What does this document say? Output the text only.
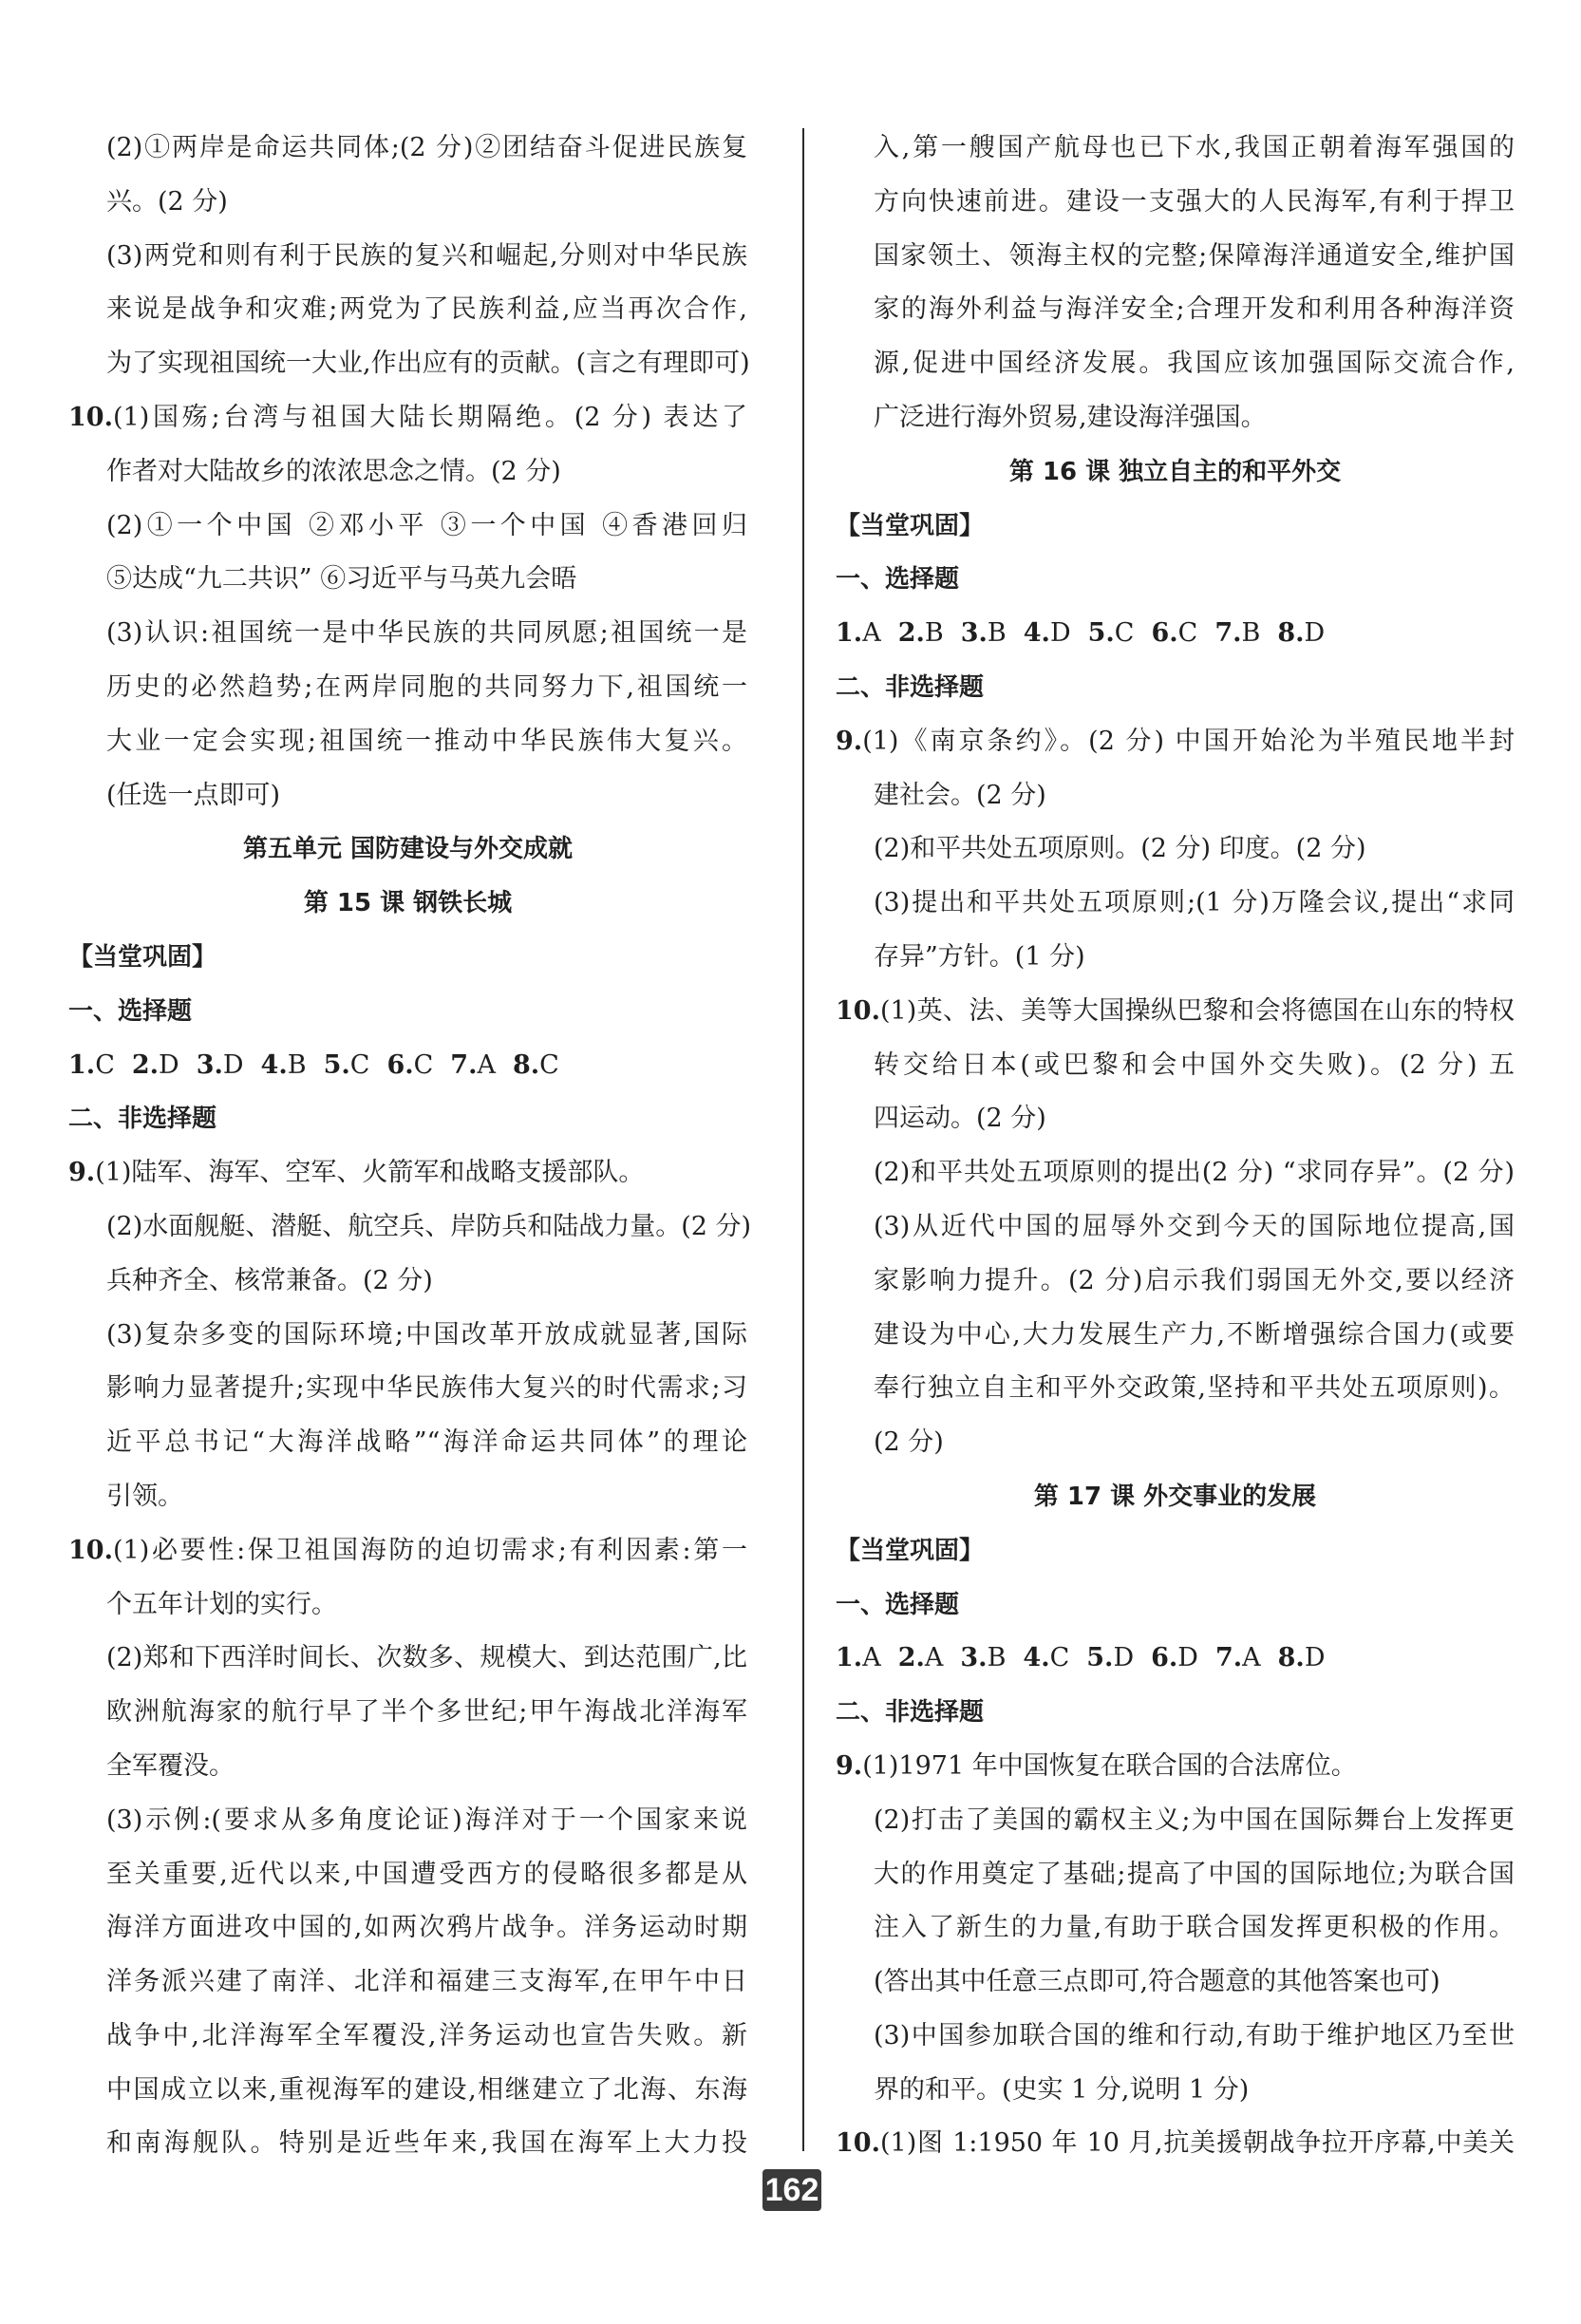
(2)①两岸是命运共同体;(2 分)②团结奋斗促进民族复
兴。(2 分)
(3)两党和则有利于民族的复兴和崛起,分则对中华民族
来说是战争和灾难;两党为了民族利益,应当再次合作,
为了实现祖国统一大业,作出应有的贡献。(言之有理即可)
10.(1)国殇;台湾与祖国大陆长期隔绝。(2 分) 表达了
作者对大陆故乡的浓浓思念之情。(2 分)
(2)①一个中国 ②邓小平 ③一个中国 ④香港回归
⑤达成“九二共识” ⑥习近平与马英九会晤
(3)认识:祖国统一是中华民族的共同夙愿;祖国统一是
历史的必然趋势;在两岸同胞的共同努力下,祖国统一
大业一定会实现;祖国统一推动中华民族伟大复兴。
(任选一点即可)
第五单元 国防建设与外交成就
第 15 课 钢铁长城
【当堂巩固】
一、选择题
1.C 2.D 3.D 4.B 5.C 6.C 7.A 8.C
二、非选择题
9.(1)陆军、海军、空军、火箭军和战略支援部队。
(2)水面舰艇、潜艇、航空兵、岸防兵和陆战力量。(2 分)
兵种齐全、核常兼备。(2 分)
(3)复杂多变的国际环境;中国改革开放成就显著,国际
影响力显著提升;实现中华民族伟大复兴的时代需求;习
近平总书记“大海洋战略”“海洋命运共同体”的理论
引领。
10.(1)必要性:保卫祖国海防的迫切需求;有利因素:第一
个五年计划的实行。
(2)郑和下西洋时间长、次数多、规模大、到达范围广,比
欧洲航海家的航行早了半个多世纪;甲午海战北洋海军
全军覆没。
(3)示例:(要求从多角度论证)海洋对于一个国家来说
至关重要,近代以来,中国遭受西方的侵略很多都是从
海洋方面进攻中国的,如两次鸦片战争。洋务运动时期
洋务派兴建了南洋、北洋和福建三支海军,在甲午中日
战争中,北洋海军全军覆没,洋务运动也宣告失败。新
中国成立以来,重视海军的建设,相继建立了北海、东海
和南海舰队。特别是近些年来,我国在海军上大力投
入,第一艘国产航母也已下水,我国正朝着海军强国的
方向快速前进。建设一支强大的人民海军,有利于捍卫
国家领土、领海主权的完整;保障海洋通道安全,维护国
家的海外利益与海洋安全;合理开发和利用各种海洋资
源,促进中国经济发展。我国应该加强国际交流合作,
广泛进行海外贸易,建设海洋强国。
第 16 课 独立自主的和平外交
【当堂巩固】
一、选择题
1.A 2.B 3.B 4.D 5.C 6.C 7.B 8.D
二、非选择题
9.(1)《南京条约》。(2 分) 中国开始沦为半殖民地半封
建社会。(2 分)
(2)和平共处五项原则。(2 分) 印度。(2 分)
(3)提出和平共处五项原则;(1 分)万隆会议,提出“求同
存异”方针。(1 分)
10.(1)英、法、美等大国操纵巴黎和会将德国在山东的特权
转交给日本(或巴黎和会中国外交失败)。(2 分) 五
四运动。(2 分)
(2)和平共处五项原则的提出(2 分) “求同存异”。(2 分)
(3)从近代中国的屈辱外交到今天的国际地位提高,国
家影响力提升。(2 分)启示我们弱国无外交,要以经济
建设为中心,大力发展生产力,不断增强综合国力(或要
奉行独立自主和平外交政策,坚持和平共处五项原则)。
(2 分)
第 17 课 外交事业的发展
【当堂巩固】
一、选择题
1.A 2.A 3.B 4.C 5.D 6.D 7.A 8.D
二、非选择题
9.(1)1971 年中国恢复在联合国的合法席位。
(2)打击了美国的霸权主义;为中国在国际舞台上发挥更
大的作用奠定了基础;提高了中国的国际地位;为联合国
注入了新生的力量,有助于联合国发挥更积极的作用。
(答出其中任意三点即可,符合题意的其他答案也可)
(3)中国参加联合国的维和行动,有助于维护地区乃至世
界的和平。(史实 1 分,说明 1 分)
10.(1)图 1:1950 年 10 月,抗美援朝战争拉开序幕,中美关
162
